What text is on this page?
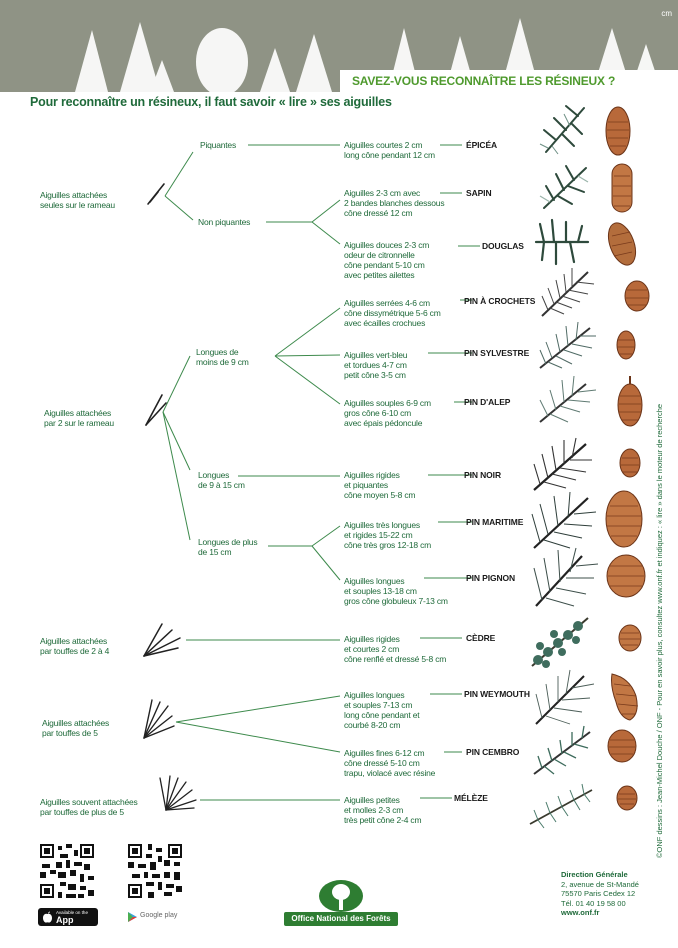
cm
SAVEZ-VOUS RECONNAÎTRE LES RÉSINEUX ?
Pour reconnaître un résineux, il faut savoir « lire » ses aiguilles
Aiguilles attachées
seules sur le rameau
Aiguilles attachées
par 2 sur le rameau
Aiguilles attachées
par touffes de 2 à 4
Aiguilles attachées
par touffes de 5
Aiguilles souvent attachées
par touffes de plus de 5
Piquantes
Non piquantes
Longues de
moins de 9 cm
Longues
de 9 à 15 cm
Longues de plus
de 15 cm
Aiguilles courtes 2 cm
long cône pendant 12 cm
Aiguilles 2-3 cm avec
2 bandes blanches dessous
cône dressé 12 cm
Aiguilles douces 2-3 cm
odeur de citronnelle
cône pendant 5-10 cm
avec petites ailettes
Aiguilles serrées 4-6 cm
cône dissymétrique 5-6 cm
avec écailles crochues
Aiguilles vert-bleu
et tordues 4-7 cm
petit cône 3-5 cm
Aiguilles souples 6-9 cm
gros cône 6-10 cm
avec épais pédoncule
Aiguilles rigides
et piquantes
cône moyen 5-8 cm
Aiguilles très longues
et rigides 15-22 cm
cône très gros 12-18 cm
Aiguilles longues
et souples 13-18 cm
gros cône globuleux 7-13 cm
Aiguilles rigides
et courtes 2 cm
cône renflé et dressé 5-8 cm
Aiguilles longues
et souples 7-13 cm
long cône pendant et
courbé 8-20 cm
Aiguilles fines 6-12 cm
cône dressé 5-10 cm
trapu, violacé avec résine
Aiguilles petites
et molles 2-3 cm
très petit cône 2-4 cm
ÉPICÉA
SAPIN
DOUGLAS
PIN À CROCHETS
PIN SYLVESTRE
PIN D'ALEP
PIN NOIR
PIN MARITIME
PIN PIGNON
CÈDRE
PIN WEYMOUTH
PIN CEMBRO
MÉLÈZE	©ONF dessins : Jean-Michel Douche / ONF - Pour en savoir plus, consultez www.onf.fr et indiquez : « lire » dans le moteur de recherche
Available on the
App Store
Google play	Office National des Forêts
Direction Générale
2, avenue de St-Mandé
75570 Paris Cedex 12
Tél. 01 40 19 58 00
www.onf.fr
